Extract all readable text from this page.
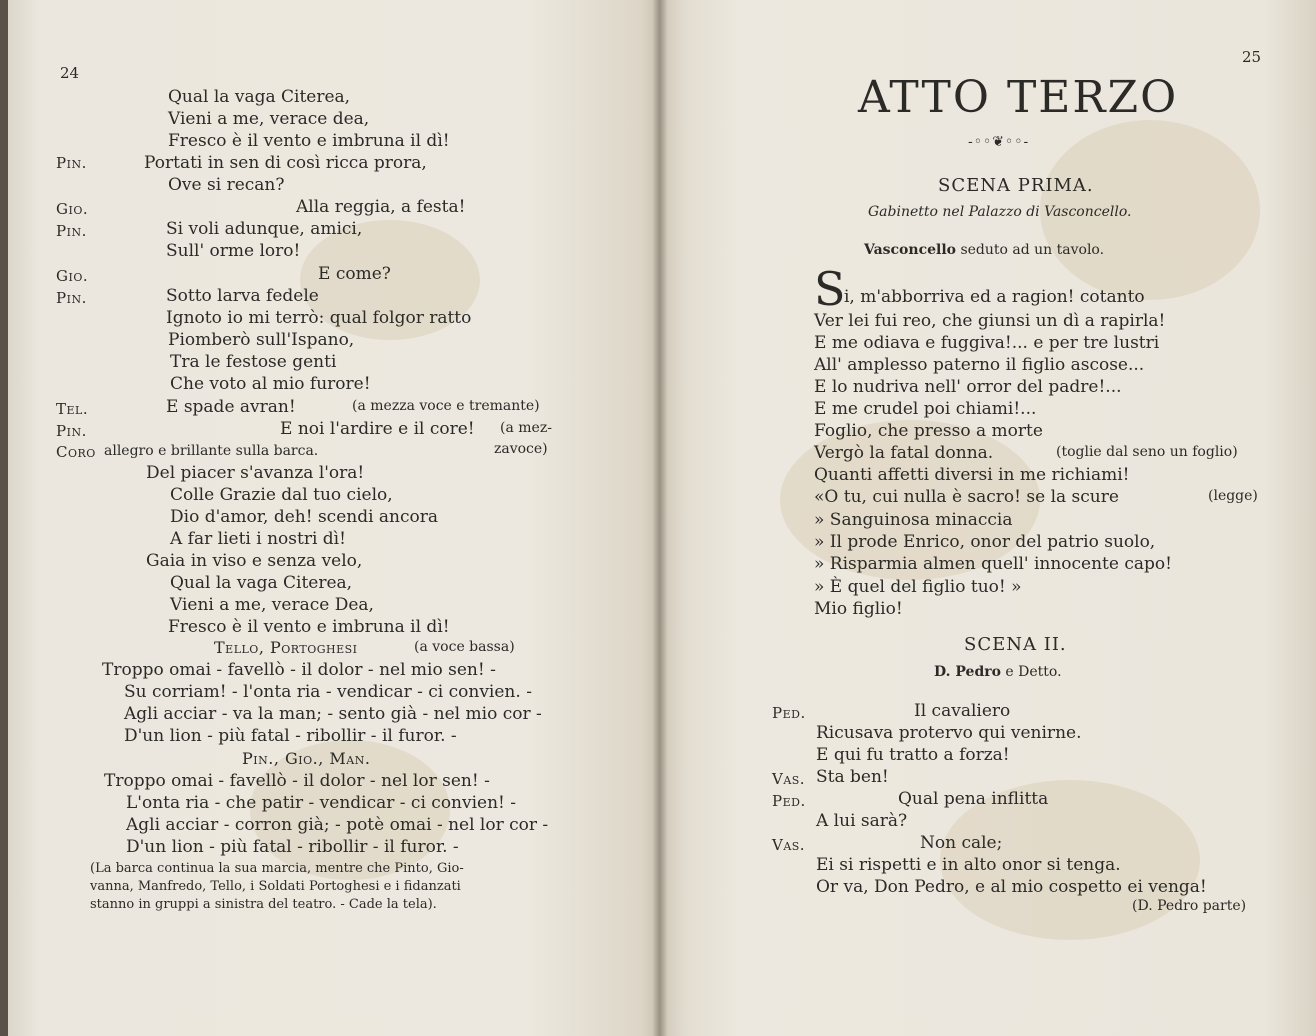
24
Qual la vaga Citerea,
Vieni a me, verace dea,
Fresco è il vento e imbruna il dì!
Pin.	Portati in sen di così ricca prora,
Ove si recan?
Gio.	Alla reggia, a festa!
Pin.	Si voli adunque, amici,
Sull' orme loro!
Gio.	E come?
Pin.	Sotto larva fedele
Ignoto io mi terrò: qual folgor ratto
Piomberò sull'Ispano,
Tra le festose genti
Che voto al mio furore!
Tel.	E spade avran!	(a mezza voce e tremante)
Pin.	E noi l'ardire e il core! (a mez-
Coro allegro e brillante sulla barca.	zavoce)
Del piacer s'avanza l'ora!
Colle Grazie dal tuo cielo,
Dio d'amor, deh! scendi ancora
A far lieti i nostri dì!
Gaia in viso e senza velo,
Qual la vaga Citerea,
Vieni a me, verace Dea,
Fresco è il vento e imbruna il dì!
Tello, Portoghesi	(a voce bassa)
Troppo omai - favellò - il dolor - nel mio sen! -
Su corriam! - l'onta ria - vendicar - ci convien. -
Agli acciar - va la man; - sento già - nel mio cor -
D'un lion - più fatal - ribollir - il furor. -
Pin., Gio., Man.
Troppo omai - favellò - il dolor - nel lor sen! -
L'onta ria - che patir - vendicar - ci convien! -
Agli acciar - corron già; - potè omai - nel lor cor -
D'un lion - più fatal - ribollir - il furor. -
(La barca continua la sua marcia, mentre che Pinto, Gio-
vanna, Manfredo, Tello, i Soldati Portoghesi e i fidanzati
stanno in gruppi a sinistra del teatro. - Cade la tela).
25
ATTO TERZO
-◦◦❦◦◦-
SCENA PRIMA.
Gabinetto nel Palazzo di Vasconcello.
Vasconcello seduto ad un tavolo.
S
i, m'abborriva ed a ragion! cotanto
Ver lei fui reo, che giunsi un dì a rapirla!
E me odiava e fuggiva!... e per tre lustri
All' amplesso paterno il figlio ascose...
E lo nudriva nell' orror del padre!...
E me crudel poi chiami!...
Foglio, che presso a morte
Vergò la fatal donna.	(toglie dal seno un foglio)
Quanti affetti diversi in me richiami!
«O tu, cui nulla è sacro! se la scure	(legge)
» Sanguinosa minaccia
» Il prode Enrico, onor del patrio suolo,
» Risparmia almen quell' innocente capo!
» È quel del figlio tuo! »
Mio figlio!
SCENA II.
D. Pedro e Detto.
Ped.	Il cavaliero
Ricusava protervo qui venirne.
E qui fu tratto a forza!
Vas. Sta ben!
Ped.	Qual pena inflitta
A lui sarà?
Vas.	Non cale;
Ei si rispetti e in alto onor si tenga.
Or va, Don Pedro, e al mio cospetto ei venga!
(D. Pedro parte)
